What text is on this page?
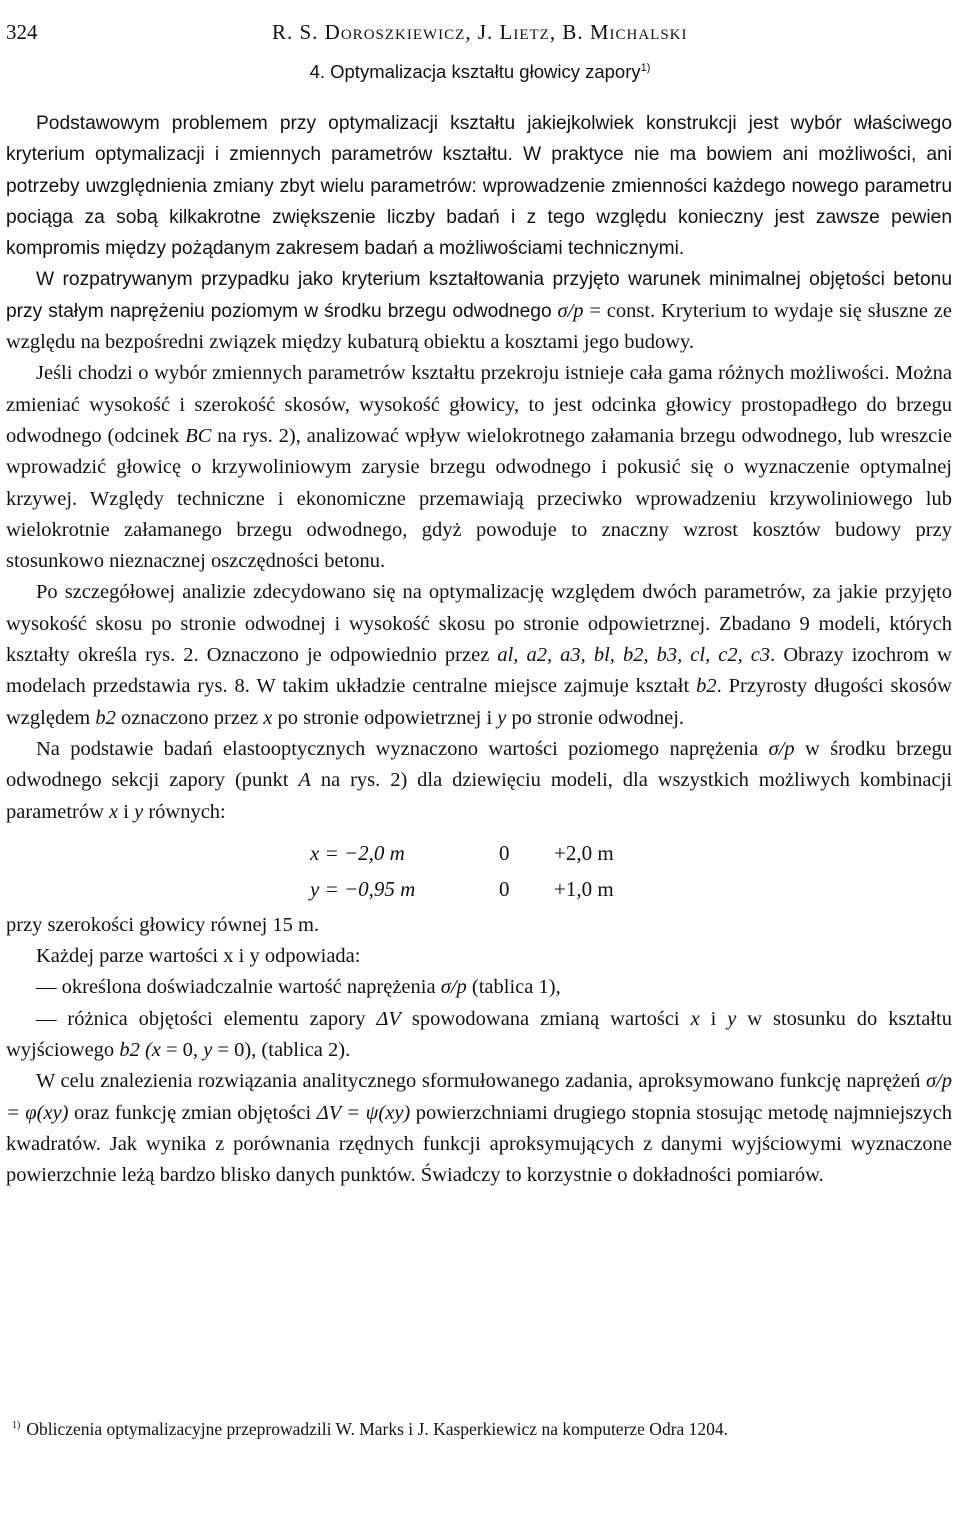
324	R. S. Doroszkiewicz, J. Lietz, B. Michalski
4. Optymalizacja kształtu głowicy zapory$^{1)}$

Podstawowym problemem przy optymalizacji kształtu jakiejkolwiek konstrukcji jest wybór właściwego kryterium optymalizacji i zmiennych parametrów kształtu. W praktyce nie ma bowiem ani możliwości, ani potrzeby uwzględnienia zmiany zbyt wielu parametrów: wprowadzenie zmienności każdego nowego parametru pociąga za sobą kilkakrotne zwiększenie liczby badań i z tego względu konieczny jest zawsze pewien kompromis między pożądanym zakresem badań a możliwościami technicznymi.

W rozpatrywanym przypadku jako kryterium kształtowania przyjęto warunek minimalnej objętości betonu przy stałym naprężeniu poziomym w środku brzegu odwodnego σ/p = const. Kryterium to wydaje się słuszne ze względu na bezpośredni związek między kubaturą obiektu a kosztami jego budowy.

Jeśli chodzi o wybór zmiennych parametrów kształtu przekroju istnieje cała gama różnych możliwości. Można zmieniać wysokość i szerokość skosów, wysokość głowicy, to jest odcinka głowicy prostopadłego do brzegu odwodnego (odcinek BC na rys. 2), analizować wpływ wielokrotnego załamania brzegu odwodnego, lub wreszcie wprowadzić głowicę o krzywoliniowym zarysie brzegu odwodnego i pokusić się o wyznaczenie optymalnej krzywej. Względy techniczne i ekonomiczne przemawiają przeciwko wprowadzeniu krzywoliniowego lub wielokrotnie załamanego brzegu odwodnego, gdyż powoduje to znaczny wzrost kosztów budowy przy stosunkowo nieznacznej oszczędności betonu.

Po szczegółowej analizie zdecydowano się na optymalizację względem dwóch parametrów, za jakie przyjęto wysokość skosu po stronie odwodnej i wysokość skosu po stronie odpowietrznej. Zbadano 9 modeli, których kształty określa rys. 2. Oznaczono je odpowiednio przez al, a2, a3, bl, b2, b3, cl, c2, c3. Obrazy izochrom w modelach przedstawia rys. 8. W takim układzie centralne miejsce zajmuje kształt b2. Przyrosty długości skosów względem b2 oznaczono przez x po stronie odpowietrznej i y po stronie odwodnej.

Na podstawie badań elastooptycznych wyznaczono wartości poziomego naprężenia σ/p w środku brzegu odwodnego sekcji zapory (punkt A na rys. 2) dla dziewięciu modeli, dla wszystkich możliwych kombinacji parametrów x i y równych:

x = −2,0 m	0 +2,0 m
y = −0,95 m	0 +1,0 m

przy szerokości głowicy równej 15 m.

Każdej parze wartości x i y odpowiada:

— określona doświadczalnie wartość naprężenia σ/p (tablica 1),

— różnica objętości elementu zapory ΔV spowodowana zmianą wartości x i y w stosunku do kształtu wyjściowego b2 (x = 0, y = 0), (tablica 2).

W celu znalezienia rozwiązania analitycznego sformułowanego zadania, aproksymowano funkcję naprężeń σ/p = φ(xy) oraz funkcję zmian objętości ΔV = ψ(xy) powierzchniami drugiego stopnia stosując metodę najmniejszych kwadratów. Jak wynika z porównania rzędnych funkcji aproksymujących z danymi wyjściowymi wyznaczone powierzchnie leżą bardzo blisko danych punktów. Świadczy to korzystnie o dokładności pomiarów.

$^{1)}$ Obliczenia optymalizacyjne przeprowadzili W. Marks i J. Kasperkiewicz na komputerze Odra 1204.
